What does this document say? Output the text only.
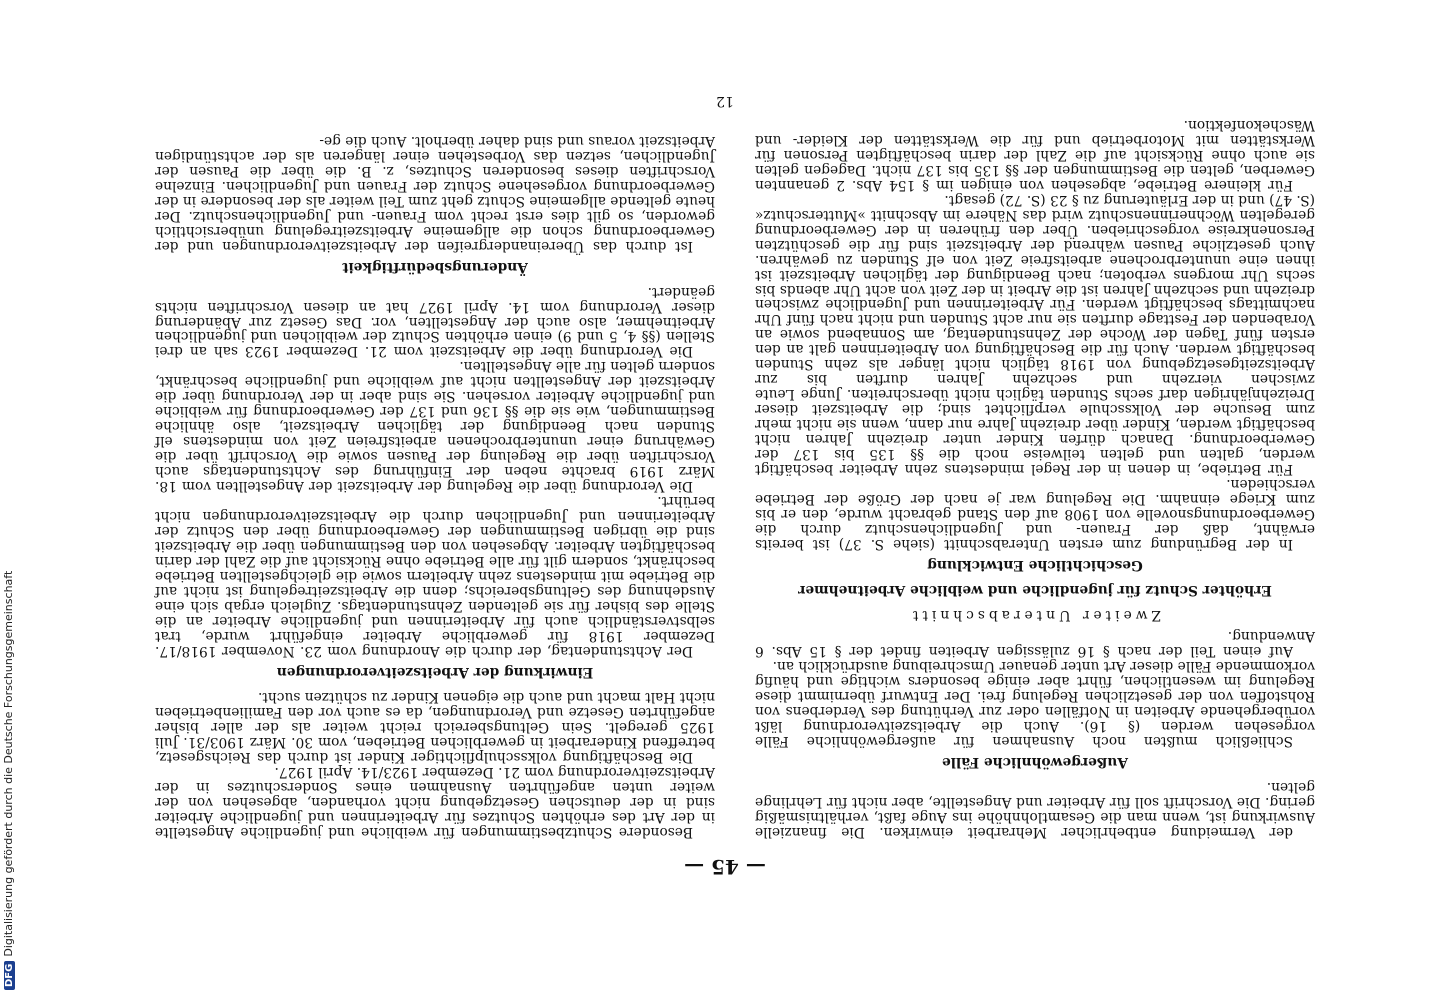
DFGDigitalisierung gefördert durch die Deutsche Forschungsgemeinschaft	— 45 —

der Vermeidung entbehrlicher Mehrarbeit einwirken. Die finanzielle Auswirkung ist, wenn man die Gesamtlohnhöhe ins Auge faßt, verhältnismäßig gering. Die Vorschrift soll für Arbeiter und Angestellte, aber nicht für Lehrlinge gelten.

Außergewöhnliche Fälle

Schließlich mußten noch Ausnahmen für außergewöhnliche Fälle vorgesehen werden (§ 16). Auch die Arbeitszeitverordnung läßt vorübergehende Arbeiten in Notfällen oder zur Verhütung des Verderbens von Rohstoffen von der gesetzlichen Regelung frei. Der Entwurf übernimmt diese Regelung im wesentlichen, führt aber einige besonders wichtige und häufig vorkommende Fälle dieser Art unter genauer Umschreibung ausdrücklich an.

Auf einen Teil der nach § 16 zulässigen Arbeiten findet der § 15 Abs. 6 Anwendung.

Zweiter Unterabschnitt

Erhöhter Schutz für jugendliche und weibliche Arbeitnehmer

Geschichtliche Entwicklung

In der Begründung zum ersten Unterabschnitt (siehe S. 37) ist bereits erwähnt, daß der Frauen- und Jugendlichenschutz durch die Gewerbeordnungsnovelle von 1908 auf den Stand gebracht wurde, den er bis zum Kriege einnahm. Die Regelung war je nach der Größe der Betriebe verschieden.

Für Betriebe, in denen in der Regel mindestens zehn Arbeiter beschäftigt werden, galten und gelten teilweise noch die §§ 135 bis 137 der Gewerbeordnung. Danach dürfen Kinder unter dreizehn Jahren nicht beschäftigt werden, Kinder über dreizehn Jahre nur dann, wenn sie nicht mehr zum Besuche der Volksschule verpflichtet sind; die Arbeitszeit dieser Dreizehnjährigen darf sechs Stunden täglich nicht überschreiten. Junge Leute zwischen vierzehn und sechzehn Jahren durften bis zur Arbeitszeitgesetzgebung von 1918 täglich nicht länger als zehn Stunden beschäftigt werden. Auch für die Beschäftigung von Arbeiterinnen galt an den ersten fünf Tagen der Woche der Zehnstundentag, am Sonnabend sowie an Vorabenden der Festtage durften sie nur acht Stunden und nicht nach fünf Uhr nachmittags beschäftigt werden. Für Arbeiterinnen und Jugendliche zwischen dreizehn und sechzehn Jahren ist die Arbeit in der Zeit von acht Uhr abends bis sechs Uhr morgens verboten; nach Beendigung der täglichen Arbeitszeit ist ihnen eine ununterbrochene arbeitsfreie Zeit von elf Stunden zu gewähren. Auch gesetzliche Pausen während der Arbeitszeit sind für die geschützten Personenkreise vorgeschrieben. Über den früheren in der Gewerbeordnung geregelten Wöchnerinnenschutz wird das Nähere im Abschnitt »Mutterschutz« (S. 47) und in der Erläuterung zu § 23 (S. 72) gesagt.

Für kleinere Betriebe, abgesehen von einigen im § 154 Abs. 2 genannten Gewerben, gelten die Bestimmungen der §§ 135 bis 137 nicht. Dagegen gelten sie auch ohne Rücksicht auf die Zahl der darin beschäftigten Personen für Werkstätten mit Motorbetrieb und für die Werkstätten der Kleider- und Wäschekonfektion.

Besondere Schutzbestimmungen für weibliche und jugendliche Angestellte in der Art des erhöhten Schutzes für Arbeiterinnen und jugendliche Arbeiter sind in der deutschen Gesetzgebung nicht vorhanden, abgesehen von der weiter unten angeführten Ausnahmen eines Sonderschutzes in der Arbeitszeitverordnung vom 21. Dezember 1923/14. April 1927.

Die Beschäftigung volksschulpflichtiger Kinder ist durch das Reichsgesetz, betreffend Kinderarbeit in gewerblichen Betrieben, vom 30. März 1903/31. Juli 1925 geregelt. Sein Geltungsbereich reicht weiter als der aller bisher angeführten Gesetze und Verordnungen, da es auch vor den Familienbetrieben nicht Halt macht und auch die eigenen Kinder zu schützen sucht.

Einwirkung der Arbeitszeitverordnungen

Der Achtstundentag, der durch die Anordnung vom 23. November 1918/17. Dezember 1918 für gewerbliche Arbeiter eingeführt wurde, trat selbstverständlich auch für Arbeiterinnen und jugendliche Arbeiter an die Stelle des bisher für sie geltenden Zehnstundentags. Zugleich ergab sich eine Ausdehnung des Geltungsbereichs; denn die Arbeitszeitregelung ist nicht auf die Betriebe mit mindestens zehn Arbeitern sowie die gleichgestellten Betriebe beschränkt, sondern gilt für alle Betriebe ohne Rücksicht auf die Zahl der darin beschäftigten Arbeiter. Abgesehen von den Bestimmungen über die Arbeitszeit sind die übrigen Bestimmungen der Gewerbeordnung über den Schutz der Arbeiterinnen und Jugendlichen durch die Arbeitszeitverordnungen nicht berührt.

Die Verordnung über die Regelung der Arbeitszeit der Angestellten vom 18. März 1919 brachte neben der Einführung des Achtstundentags auch Vorschriften über die Regelung der Pausen sowie die Vorschrift über die Gewährung einer ununterbrochenen arbeitsfreien Zeit von mindestens elf Stunden nach Beendigung der täglichen Arbeitszeit, also ähnliche Bestimmungen, wie sie die §§ 136 und 137 der Gewerbeordnung für weibliche und jugendliche Arbeiter vorsehen. Sie sind aber in der Verordnung über die Arbeitszeit der Angestellten nicht auf weibliche und jugendliche beschränkt, sondern gelten für alle Angestellten.

Die Verordnung über die Arbeitszeit vom 21. Dezember 1923 sah an drei Stellen (§§ 4, 5 und 9) einen erhöhten Schutz der weiblichen und jugendlichen Arbeitnehmer, also auch der Angestellten, vor. Das Gesetz zur Abänderung dieser Verordnung vom 14. April 1927 hat an diesen Vorschriften nichts geändert.

Änderungsbedürftigkeit

Ist durch das Übereinandergreifen der Arbeitszeitverordnungen und der Gewerbeordnung schon die allgemeine Arbeitszeitregelung unübersichtlich geworden, so gilt dies erst recht vom Frauen- und Jugendlichenschutz. Der heute geltende allgemeine Schutz geht zum Teil weiter als der besondere in der Gewerbeordnung vorgesehene Schutz der Frauen und Jugendlichen. Einzelne Vorschriften dieses besonderen Schutzes, z. B. die über die Pausen der Jugendlichen, setzen das Vorbestehen einer längeren als der achtstündigen Arbeitszeit voraus und sind daher überholt. Auch die ge-

12
